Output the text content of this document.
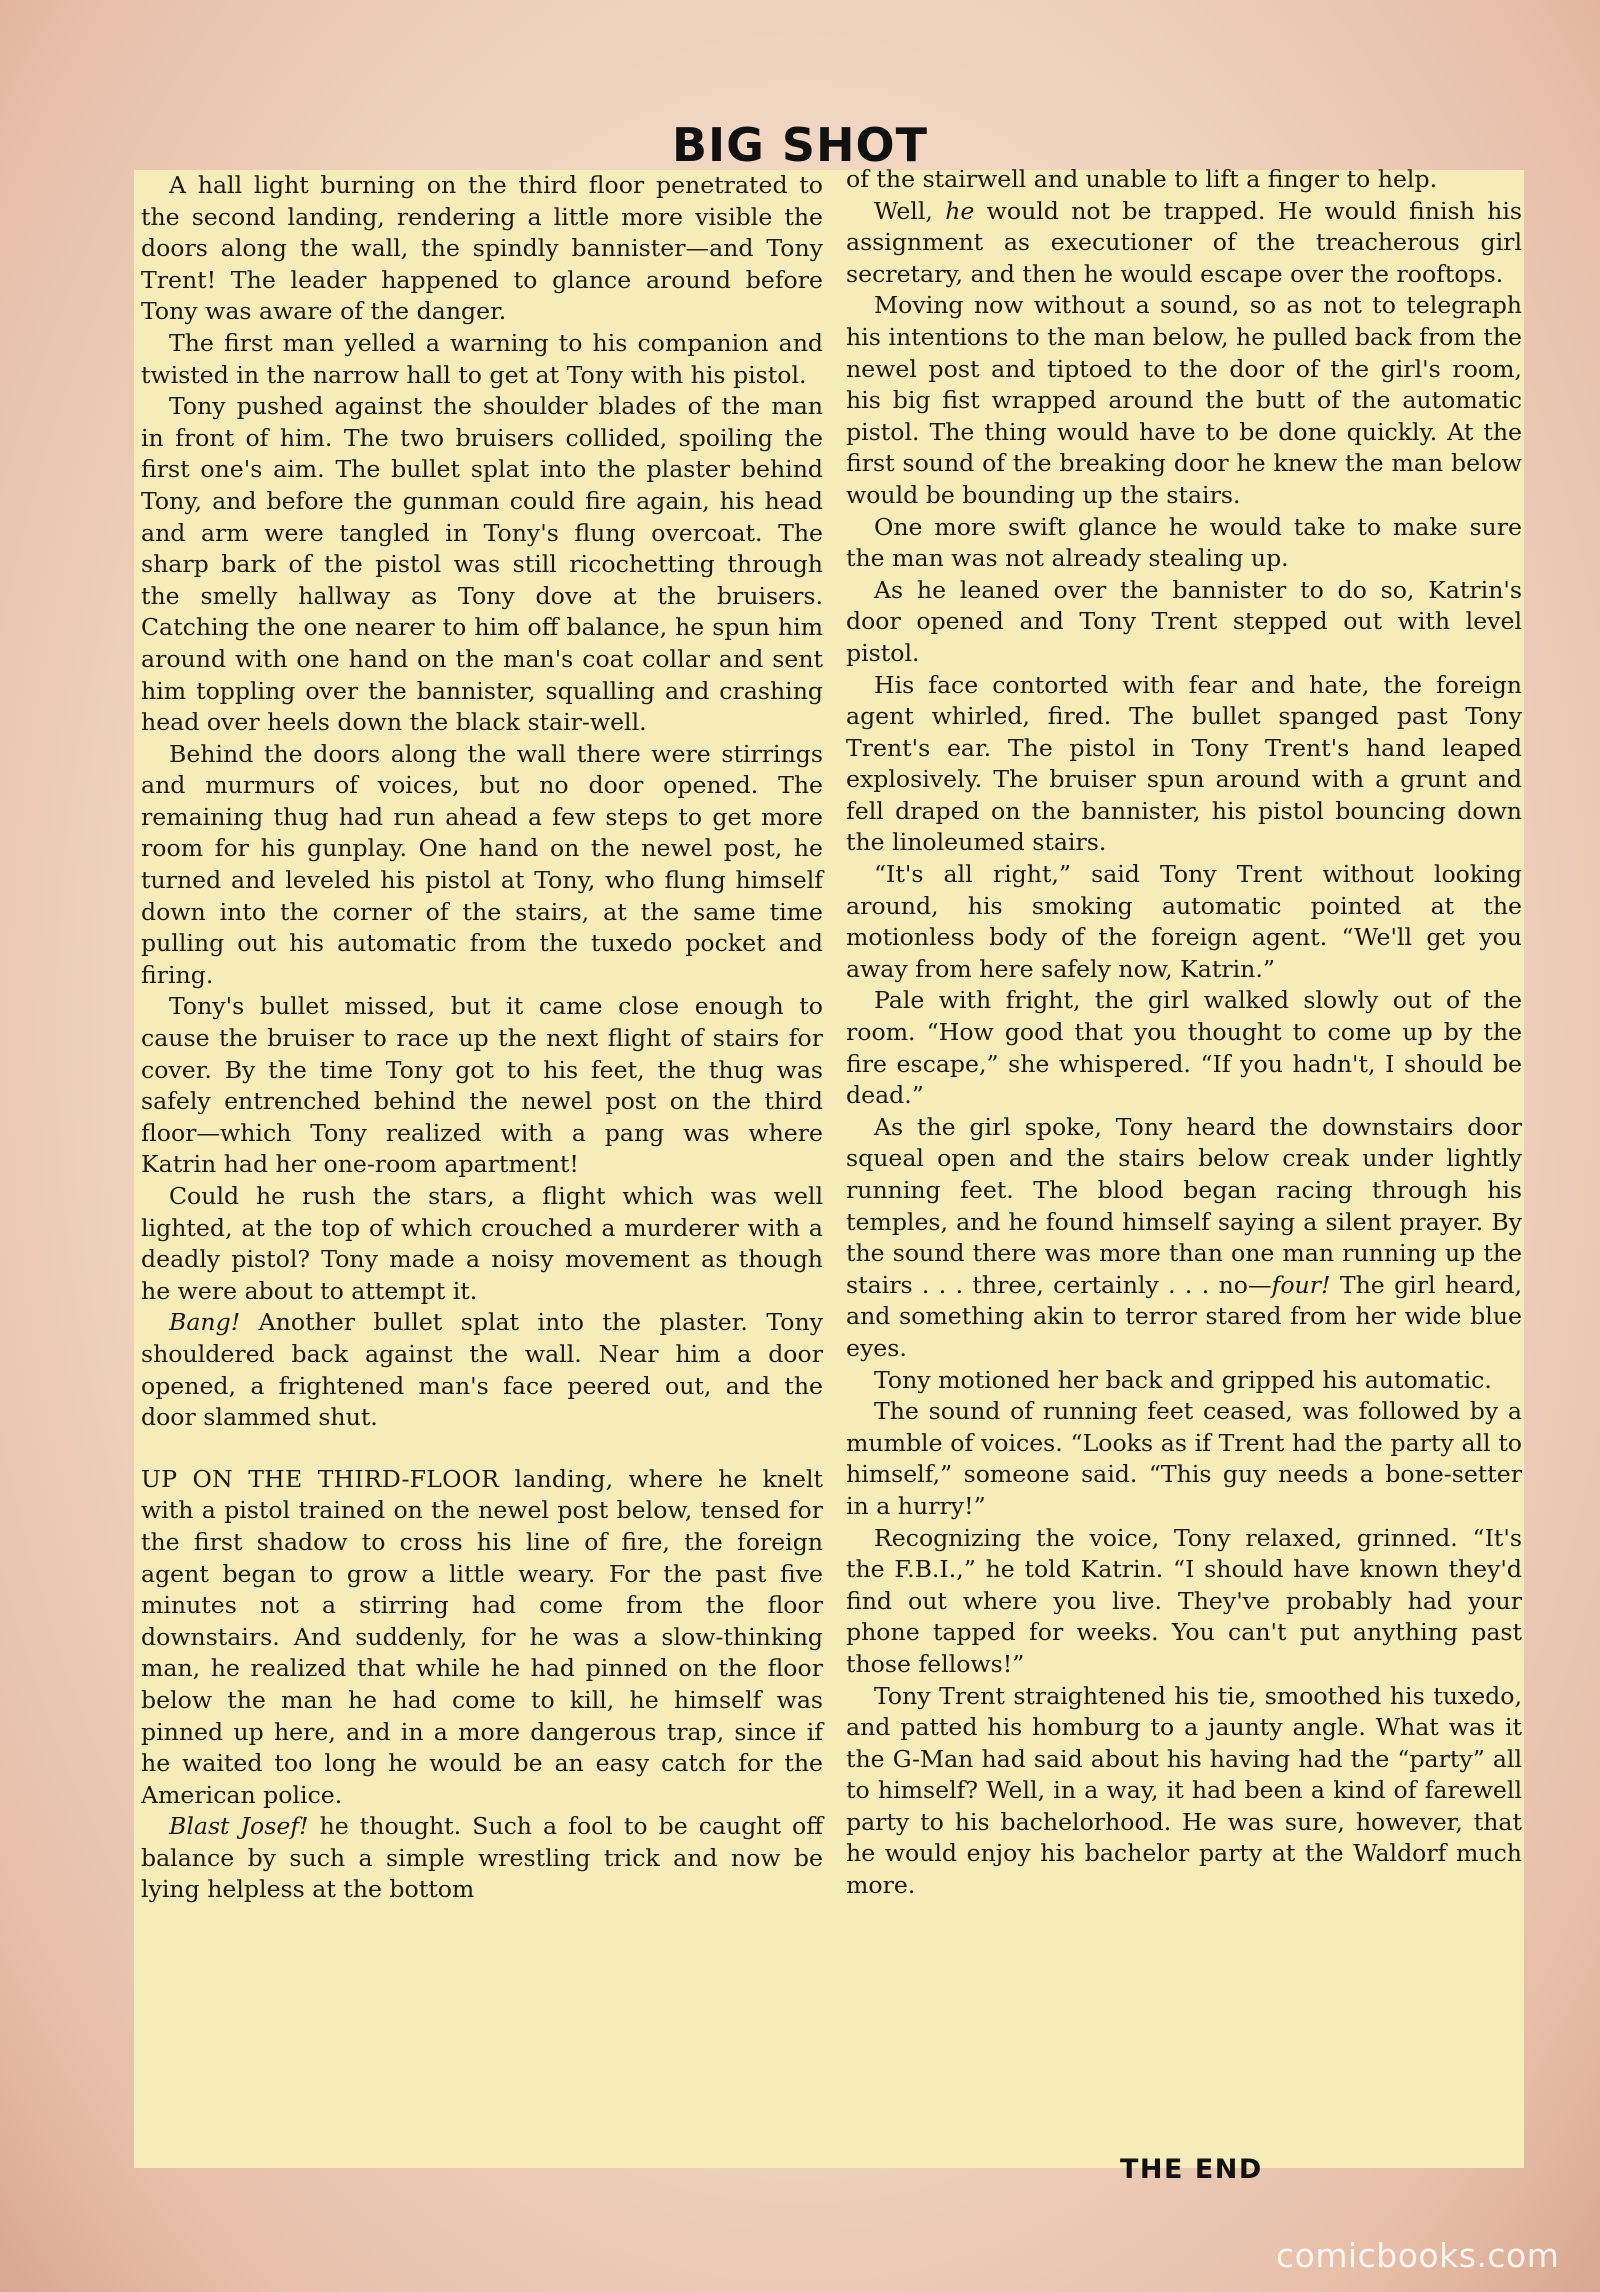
BIG SHOT

A hall light burning on the third floor penetrated to the second landing, rendering a little more visible the doors along the wall, the spindly bannister—and Tony Trent! The leader happened to glance around before Tony was aware of the danger.

The first man yelled a warning to his companion and twisted in the narrow hall to get at Tony with his pistol.

Tony pushed against the shoulder blades of the man in front of him. The two bruisers collided, spoiling the first one's aim. The bullet splat into the plaster behind Tony, and before the gunman could fire again, his head and arm were tangled in Tony's flung overcoat. The sharp bark of the pistol was still ricochetting through the smelly hallway as Tony dove at the bruisers. Catching the one nearer to him off balance, he spun him around with one hand on the man's coat collar and sent him toppling over the bannister, squalling and crashing head over heels down the black stair-well.

Behind the doors along the wall there were stirrings and murmurs of voices, but no door opened. The remaining thug had run ahead a few steps to get more room for his gunplay. One hand on the newel post, he turned and leveled his pistol at Tony, who flung himself down into the corner of the stairs, at the same time pulling out his automatic from the tuxedo pocket and firing.

Tony's bullet missed, but it came close enough to cause the bruiser to race up the next flight of stairs for cover. By the time Tony got to his feet, the thug was safely entrenched behind the newel post on the third floor—which Tony realized with a pang was where Katrin had her one-room apartment!

Could he rush the stars, a flight which was well lighted, at the top of which crouched a murderer with a deadly pistol? Tony made a noisy movement as though he were about to attempt it.

Bang! Another bullet splat into the plaster. Tony shouldered back against the wall. Near him a door opened, a frightened man's face peered out, and the door slammed shut.

UP ON THE THIRD-FLOOR landing, where he knelt with a pistol trained on the newel post below, tensed for the first shadow to cross his line of fire, the foreign agent began to grow a little weary. For the past five minutes not a stirring had come from the floor downstairs. And suddenly, for he was a slow-thinking man, he realized that while he had pinned on the floor below the man he had come to kill, he himself was pinned up here, and in a more dangerous trap, since if he waited too long he would be an easy catch for the American police.

Blast Josef! he thought. Such a fool to be caught off balance by such a simple wrestling trick and now be lying helpless at the bottom

of the stairwell and unable to lift a finger to help.

Well, he would not be trapped. He would finish his assignment as executioner of the treacherous girl secretary, and then he would escape over the rooftops.

Moving now without a sound, so as not to telegraph his intentions to the man below, he pulled back from the newel post and tiptoed to the door of the girl's room, his big fist wrapped around the butt of the automatic pistol. The thing would have to be done quickly. At the first sound of the breaking door he knew the man below would be bounding up the stairs.

One more swift glance he would take to make sure the man was not already stealing up.

As he leaned over the bannister to do so, Katrin's door opened and Tony Trent stepped out with level pistol.

His face contorted with fear and hate, the foreign agent whirled, fired. The bullet spanged past Tony Trent's ear. The pistol in Tony Trent's hand leaped explosively. The bruiser spun around with a grunt and fell draped on the bannister, his pistol bouncing down the linoleumed stairs.

“It's all right,” said Tony Trent without looking around, his smoking automatic pointed at the motionless body of the foreign agent. “We'll get you away from here safely now, Katrin.”

Pale with fright, the girl walked slowly out of the room. “How good that you thought to come up by the fire escape,” she whispered. “If you hadn't, I should be dead.”

As the girl spoke, Tony heard the downstairs door squeal open and the stairs below creak under lightly running feet. The blood began racing through his temples, and he found himself saying a silent prayer. By the sound there was more than one man running up the stairs . . . three, certainly . . . no—four! The girl heard, and something akin to terror stared from her wide blue eyes.

Tony motioned her back and gripped his automatic.

The sound of running feet ceased, was followed by a mumble of voices. “Looks as if Trent had the party all to himself,” someone said. “This guy needs a bone-setter in a hurry!”

Recognizing the voice, Tony relaxed, grinned. “It's the F.B.I.,” he told Katrin. “I should have known they'd find out where you live. They've probably had your phone tapped for weeks. You can't put anything past those fellows!”

Tony Trent straightened his tie, smoothed his tuxedo, and patted his homburg to a jaunty angle. What was it the G-Man had said about his having had the “party” all to himself? Well, in a way, it had been a kind of farewell party to his bachelorhood. He was sure, however, that he would enjoy his bachelor party at the Waldorf much more.

THE END
comicbooks.com
